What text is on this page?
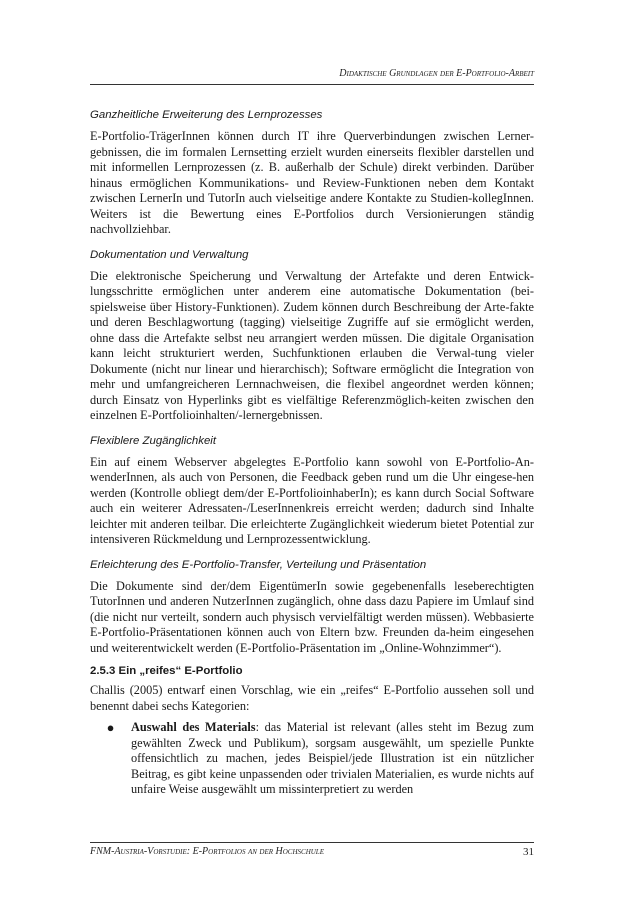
Didaktische Grundlagen der E-Portfolio-Arbeit
Ganzheitliche Erweiterung des Lernprozesses

E-Portfolio-TrägerInnen können durch IT ihre Querverbindungen zwischen Lerner-gebnissen, die im formalen Lernsetting erzielt wurden einerseits flexibler darstellen und mit informellen Lernprozessen (z. B. außerhalb der Schule) direkt verbinden. Darüber hinaus ermöglichen Kommunikations- und Review-Funktionen neben dem Kontakt zwischen LernerIn und TutorIn auch vielseitige andere Kontakte zu Studien-kollegInnen. Weiters ist die Bewertung eines E-Portfolios durch Versionierungen ständig nachvollziehbar.

Dokumentation und Verwaltung

Die elektronische Speicherung und Verwaltung der Artefakte und deren Entwick-lungsschritte ermöglichen unter anderem eine automatische Dokumentation (bei-spielsweise über History-Funktionen). Zudem können durch Beschreibung der Arte-fakte und deren Beschlagwortung (tagging) vielseitige Zugriffe auf sie ermöglicht werden, ohne dass die Artefakte selbst neu arrangiert werden müssen. Die digitale Organisation kann leicht strukturiert werden, Suchfunktionen erlauben die Verwal-tung vieler Dokumente (nicht nur linear und hierarchisch); Software ermöglicht die Integration von mehr und umfangreicheren Lernnachweisen, die flexibel angeordnet werden können; durch Einsatz von Hyperlinks gibt es vielfältige Referenzmöglich-keiten zwischen den einzelnen E-Portfolioinhalten/-lernergebnissen.

Flexiblere Zugänglichkeit

Ein auf einem Webserver abgelegtes E-Portfolio kann sowohl von E-Portfolio-An-wenderInnen, als auch von Personen, die Feedback geben rund um die Uhr eingese-hen werden (Kontrolle obliegt dem/der E-PortfolioinhaberIn); es kann durch Social Software auch ein weiterer Adressaten-/LeserInnenkreis erreicht werden; dadurch sind Inhalte leichter mit anderen teilbar. Die erleichterte Zugänglichkeit wiederum bietet Potential zur intensiveren Rückmeldung und Lernprozessentwicklung.

Erleichterung des E-Portfolio-Transfer, Verteilung und Präsentation

Die Dokumente sind der/dem EigentümerIn sowie gegebenenfalls leseberechtigten TutorInnen und anderen NutzerInnen zugänglich, ohne dass dazu Papiere im Umlauf sind (die nicht nur verteilt, sondern auch physisch vervielfältigt werden müssen). Webbasierte E-Portfolio-Präsentationen können auch von Eltern bzw. Freunden da-heim eingesehen und weiterentwickelt werden (E-Portfolio-Präsentation im „Online-Wohnzimmer“).

2.5.3 Ein „reifes“ E-Portfolio

Challis (2005) entwarf einen Vorschlag, wie ein „reifes“ E-Portfolio aussehen soll und benennt dabei sechs Kategorien:

●	Auswahl des Materials: das Material ist relevant (alles steht im Bezug zum gewählten Zweck und Publikum), sorgsam ausgewählt, um spezielle Punkte offensichtlich zu machen, jedes Beispiel/jede Illustration ist ein nützlicher Beitrag, es gibt keine unpassenden oder trivialen Materialien, es wurde nichts auf unfaire Weise ausgewählt um missinterpretiert zu werden
FNM-Austria-Vorstudie: E-Portfolios an der Hochschule	31
